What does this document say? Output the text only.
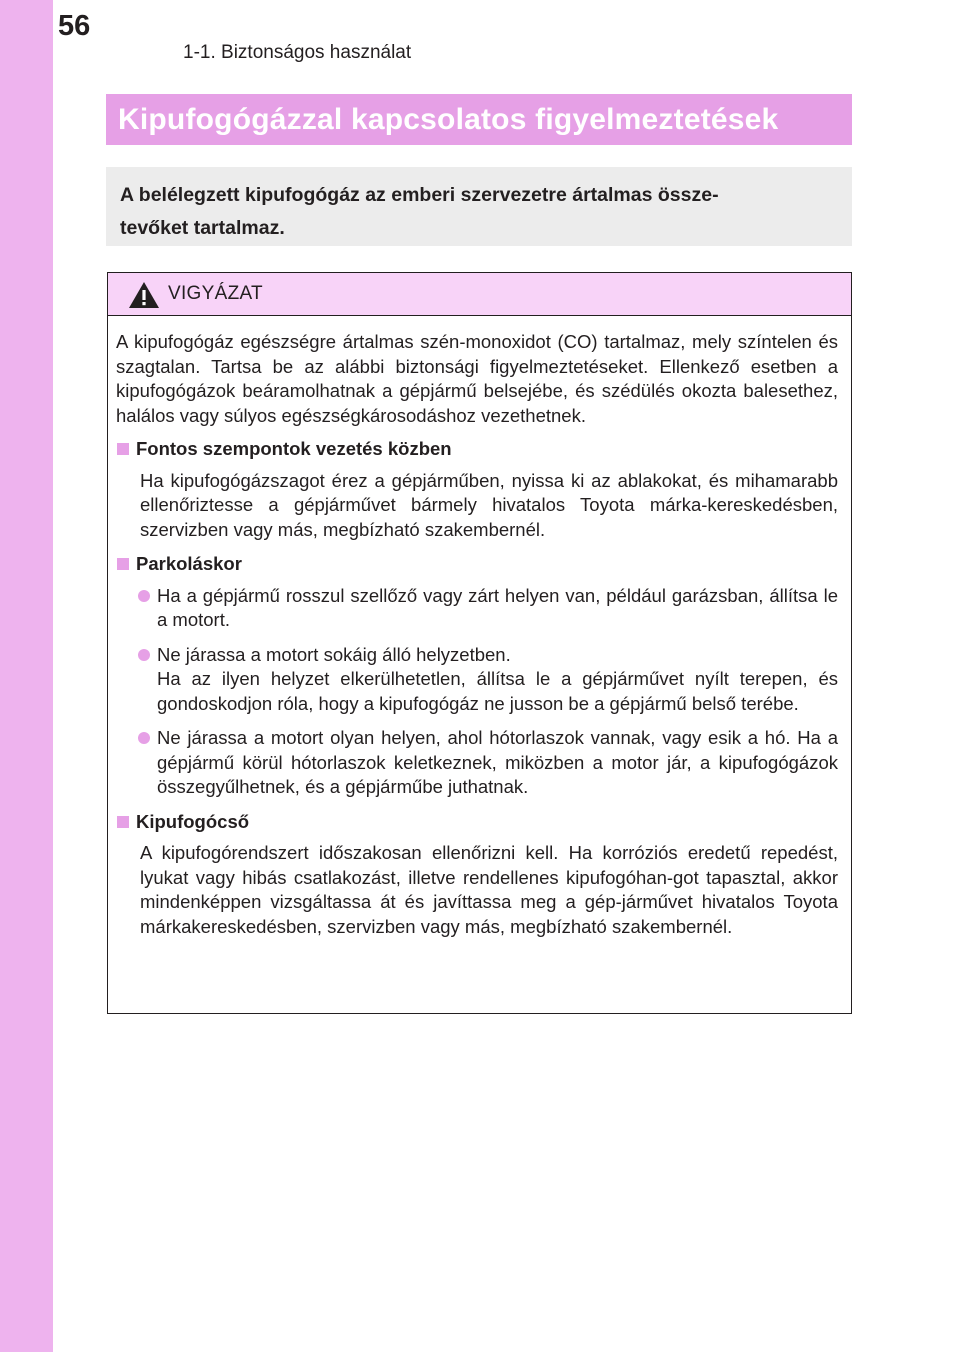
56
1-1. Biztonságos használat
Kipufogógázzal kapcsolatos figyelmeztetések
A belélegzett kipufogógáz az emberi szervezetre ártalmas össze-
tevőket tartalmaz.
VIGYÁZAT

A kipufogógáz egészségre ártalmas szén-monoxidot (CO) tartalmaz, mely színtelen és szagtalan. Tartsa be az alábbi biztonsági figyelmeztetéseket. Ellenkező esetben a kipufogógázok beáramolhatnak a gépjármű belsejébe, és szédülés okozta balesethez, halálos vagy súlyos egészségkárosodáshoz vezethetnek.

Fontos szempontok vezetés közben

Ha kipufogógázszagot érez a gépjárműben, nyissa ki az ablakokat, és mihamarabb ellenőriztesse a gépjárművet bármely hivatalos Toyota márka-kereskedésben, szervizben vagy más, megbízható szakembernél.

Parkoláskor
Ha a gépjármű rosszul szellőző vagy zárt helyen van, például garázsban, állítsa le a motort.
Ne járassa a motort sokáig álló helyzetben.
Ha az ilyen helyzet elkerülhetetlen, állítsa le a gépjárművet nyílt terepen, és gondoskodjon róla, hogy a kipufogógáz ne jusson be a gépjármű belső terébe.
Ne járassa a motort olyan helyen, ahol hótorlaszok vannak, vagy esik a hó. Ha a gépjármű körül hótorlaszok keletkeznek, miközben a motor jár, a kipufogógázok összegyűlhetnek, és a gépjárműbe juthatnak.
Kipufogócső

A kipufogórendszert időszakosan ellenőrizni kell. Ha korróziós eredetű repedést, lyukat vagy hibás csatlakozást, illetve rendellenes kipufogóhan-got tapasztal, akkor mindenképpen vizsgáltassa át és javíttassa meg a gép-járművet hivatalos Toyota márkakereskedésben, szervizben vagy más, megbízható szakembernél.
